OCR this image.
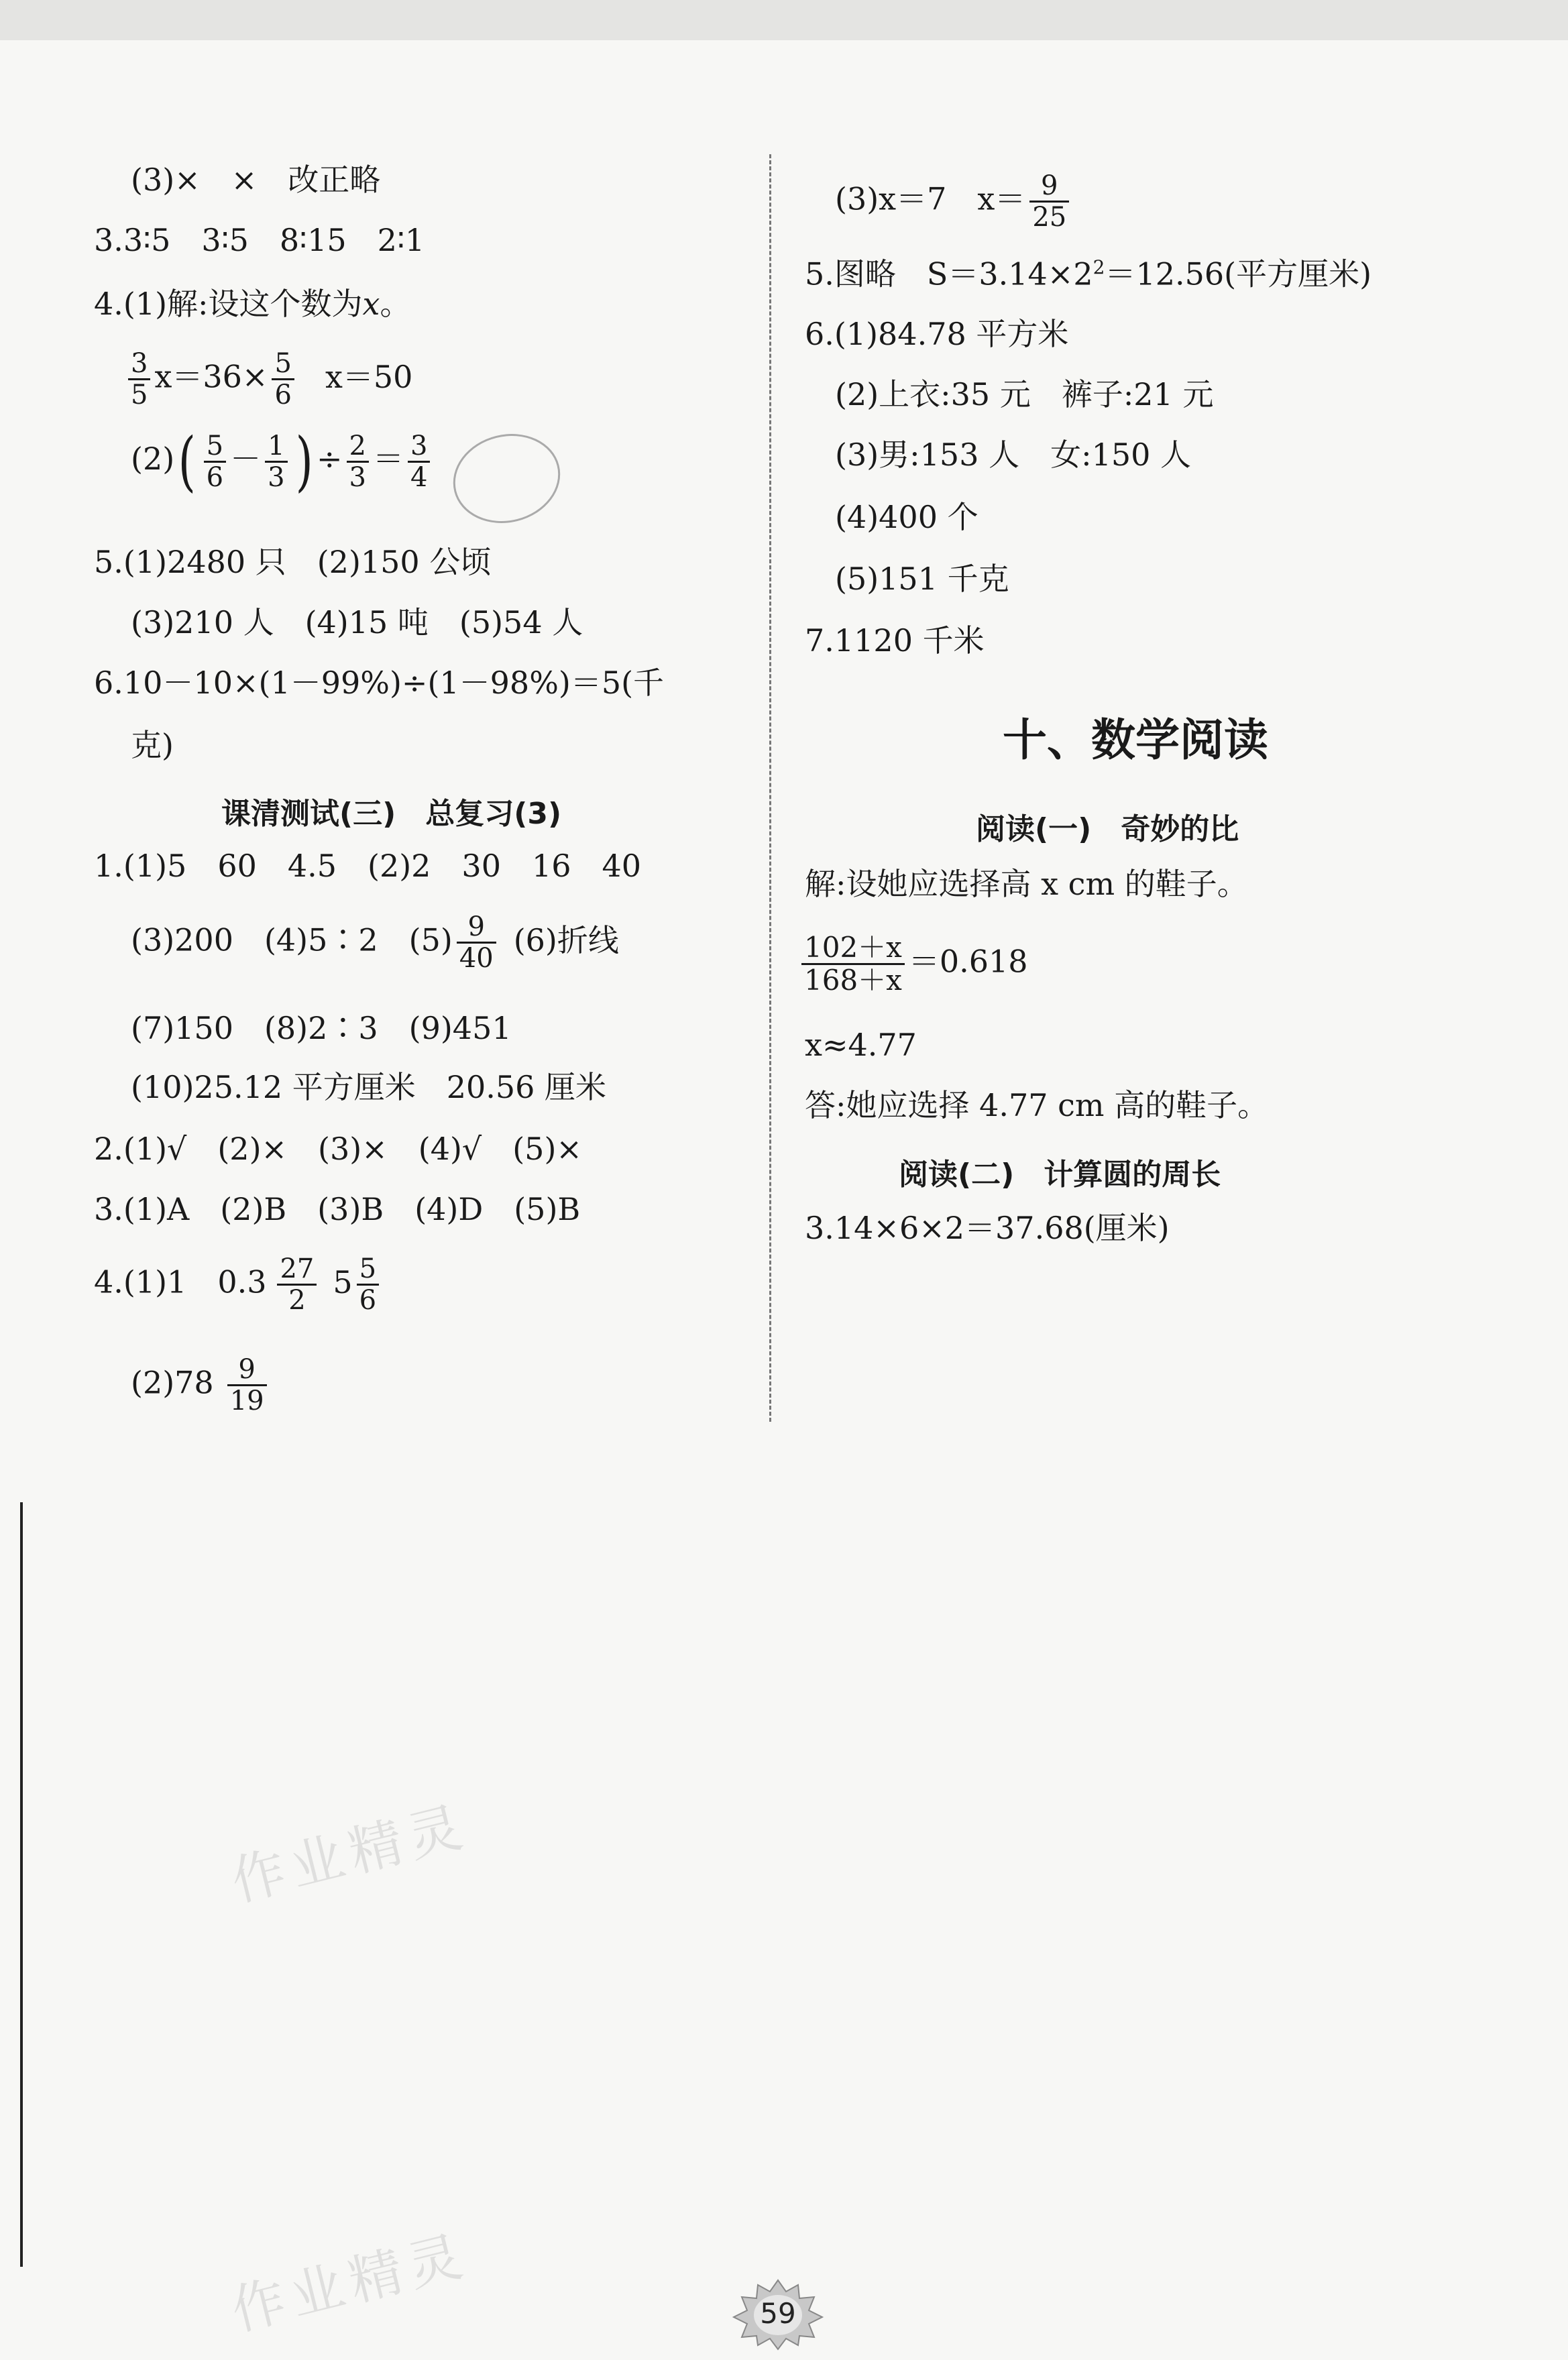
(3)×　×　改正略
3.3∶5　3∶5　8∶15　2∶1
4.(1)解:设这个数为x。
$\frac{3}{5} x=36\times \frac{5}{6} x=50$
$(2)( \frac{5}{6} - \frac{1}{3}$ ) ÷ $\frac{2}{3} = \frac{3}{4}$
5.(1)2480 只　(2)150 公顷
(3)210 人　(4)15 吨　(5)54 人
6.10－10×(1－99%)÷(1－98%)＝5(千
克)
课清测试(三)　总复习(3)
1.(1)5　60　4.5　(2)2　30　16　40
(3)200　(4)5∶2　$(5) \frac{9}{40} (6)$折线
(7)150　(8)2∶3　(9)451
(10)25.12 平方厘米　20.56 厘米
2.(1)√　(2)×　(3)×　(4)√　(5)×
3.(1)A　(2)B　(3)B　(4)D　(5)B
4.(1)1　$0.3 \frac{27}{2} 5 \frac{5}{6}$
$(2)78 \frac{9}{19}$
(3)x＝7　$x= \frac{9}{25}$
5.图略　$S=3.14\times 2^2=12.56$(平方厘米)
6.(1)84.78 平方米
(2)上衣:35 元　裤子:21 元
(3)男:153 人　女:150 人
(4)400 个
(5)151 千克
7.1120 千米
十、数学阅读
阅读(一)　奇妙的比
解:设她应选择高 x cm 的鞋子。
$\frac{102+x}{168+x} =0.618$
x≈4.77
答:她应选择 4.77 cm 高的鞋子。
阅读(二)　计算圆的周长
3.14×6×2＝37.68(厘米)
作业精灵
作业精灵	59
